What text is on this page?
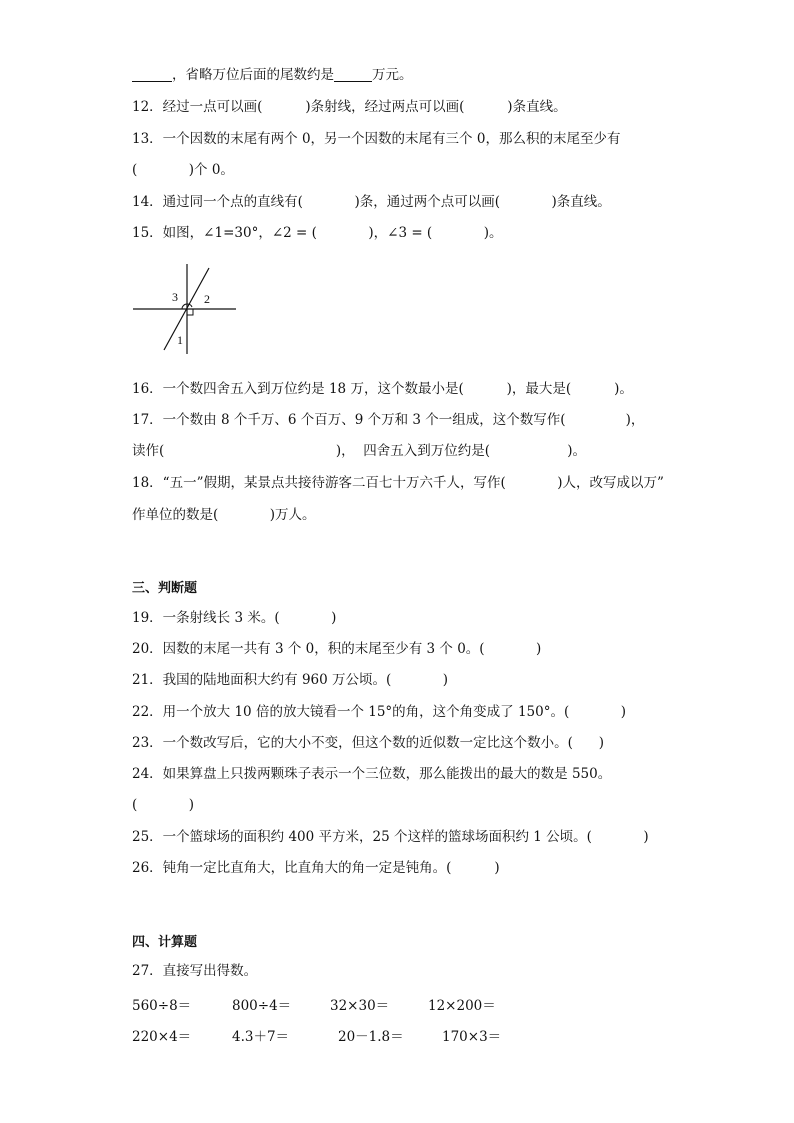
，省略万位后面的尾数约是	万元。
12．经过一点可以画(          )条射线，经过两点可以画(          )条直线。
13．一个因数的末尾有两个 0，另一个因数的末尾有三个 0，那么积的末尾至少有
(            )个 0。
14．通过同一个点的直线有(            )条，通过两个点可以画(            )条直线。
15．如图，∠1=30°，∠2 = (            )，∠3 = (            )。
3 2
1
16．一个数四舍五入到万位约是 18 万，这个数最小是(          )，最大是(          )。
17．一个数由 8 个千万、6 个百万、9 个万和 3 个一组成，这个数写作(              )，
读作(                                        )，  四舍五入到万位约是(                  )。
18．“五一”假期，某景点共接待游客二百七十万六千人，写作(            )人，改写成以万”
作单位的数是(            )万人。
三、判断题
19．一条射线长 3 米。(            )
20．因数的末尾一共有 3 个 0，积的末尾至少有 3 个 0。(            )
21．我国的陆地面积大约有 960 万公顷。(            )
22．用一个放大 10 倍的放大镜看一个 15°的角，这个角变成了 150°。(            )
23．一个数改写后，它的大小不变，但这个数的近似数一定比这个数小。(      )
24．如果算盘上只拨两颗珠子表示一个三位数，那么能拨出的最大的数是 550。
(            )
25．一个篮球场的面积约 400 平方米，25 个这样的篮球场面积约 1 公顷。(            )
26．钝角一定比直角大，比直角大的角一定是钝角。(          )
四、计算题
27．直接写出得数。
560÷8＝	800÷4＝	32×30＝	12×200＝
220×4＝	4.3＋7＝	20－1.8＝	170×3＝
